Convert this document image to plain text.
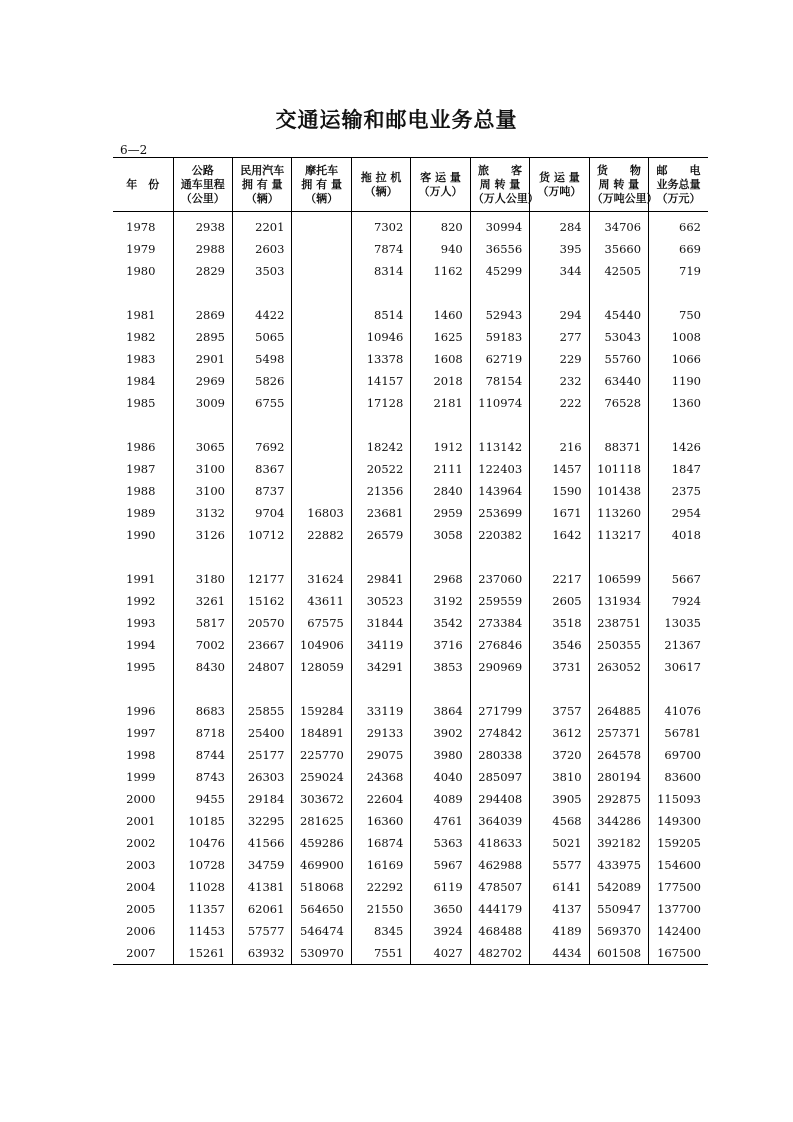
交通运输和邮电业务总量
6—2
年　份	公路
通车里程
（公里）	民用汽车
拥 有 量
（辆）	摩托车
拥 有 量
（辆）	拖 拉 机
（辆）	客 运 量
（万人）	旅　　客
周 转 量
（万人公里）	货 运 量
（万吨）	货　　物
周 转 量
（万吨公里）	邮　　电
业务总量
（万元）

1978	2938	2201		7302	820	30994	284	34706	662
1979	2988	2603		7874	940	36556	395	35660	669
1980	2829	3503		8314	1162	45299	344	42505	719

1981	2869	4422		8514	1460	52943	294	45440	750
1982	2895	5065		10946	1625	59183	277	53043	1008
1983	2901	5498		13378	1608	62719	229	55760	1066
1984	2969	5826		14157	2018	78154	232	63440	1190
1985	3009	6755		17128	2181	110974	222	76528	1360

1986	3065	7692		18242	1912	113142	216	88371	1426
1987	3100	8367		20522	2111	122403	1457	101118	1847
1988	3100	8737		21356	2840	143964	1590	101438	2375
1989	3132	9704	16803	23681	2959	253699	1671	113260	2954
1990	3126	10712	22882	26579	3058	220382	1642	113217	4018

1991	3180	12177	31624	29841	2968	237060	2217	106599	5667
1992	3261	15162	43611	30523	3192	259559	2605	131934	7924
1993	5817	20570	67575	31844	3542	273384	3518	238751	13035
1994	7002	23667	104906	34119	3716	276846	3546	250355	21367
1995	8430	24807	128059	34291	3853	290969	3731	263052	30617

1996	8683	25855	159284	33119	3864	271799	3757	264885	41076
1997	8718	25400	184891	29133	3902	274842	3612	257371	56781
1998	8744	25177	225770	29075	3980	280338	3720	264578	69700
1999	8743	26303	259024	24368	4040	285097	3810	280194	83600
2000	9455	29184	303672	22604	4089	294408	3905	292875	115093
2001	10185	32295	281625	16360	4761	364039	4568	344286	149300
2002	10476	41566	459286	16874	5363	418633	5021	392182	159205
2003	10728	34759	469900	16169	5967	462988	5577	433975	154600
2004	11028	41381	518068	22292	6119	478507	6141	542089	177500
2005	11357	62061	564650	21550	3650	444179	4137	550947	137700
2006	11453	57577	546474	8345	3924	468488	4189	569370	142400
2007	15261	63932	530970	7551	4027	482702	4434	601508	167500
